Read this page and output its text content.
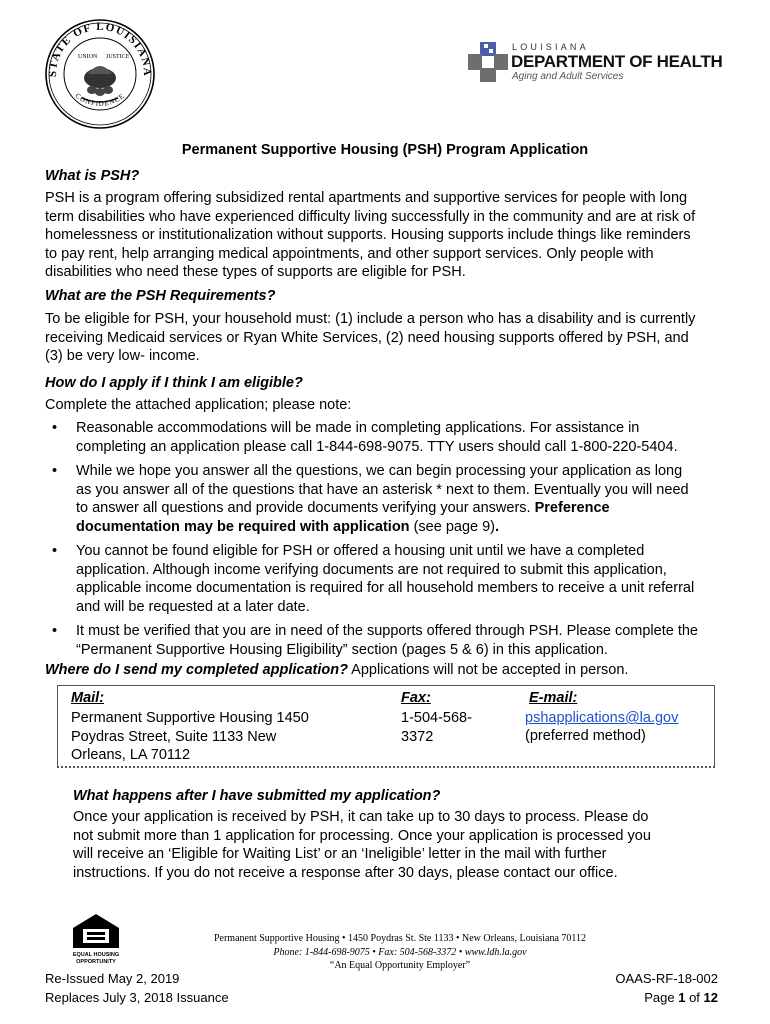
STATE OF LOUISIANA
CONFIDENCE
UNION JUSTICE
LOUISIANA
DEPARTMENT OF HEALTH
Aging and Adult Services
Permanent Supportive Housing (PSH) Program Application
What is PSH?
PSH is a program offering subsidized rental apartments and supportive services for people with long
term disabilities who have experienced difficulty living successfully in the community and are at risk of
homelessness or institutionalization without supports. Housing supports include things like reminders
to pay rent, help arranging medical appointments, and other support services. Only people with
disabilities who need these types of supports are eligible for PSH.
What are the PSH Requirements?
To be eligible for PSH, your household must: (1) include a person who has a disability and is currently
receiving Medicaid services or Ryan White Services, (2) need housing supports offered by PSH, and
(3) be very low- income.
How do I apply if I think I am eligible?
Complete the attached application; please note:
• Reasonable accommodations will be made in completing applications. For assistance in
completing an application please call 1-844-698-9075. TTY users should call 1-800-220-5404.
• While we hope you answer all the questions, we can begin processing your application as long
as you answer all of the questions that have an asterisk * next to them. Eventually you will need
to answer all questions and provide documents verifying your answers. Preference
documentation may be required with application (see page 9).
• You cannot be found eligible for PSH or offered a housing unit until we have a completed
application. Although income verifying documents are not required to submit this application,
applicable income documentation is required for all household members to receive a unit referral
and will be requested at a later date.
• It must be verified that you are in need of the supports offered through PSH. Please complete the
“Permanent Supportive Housing Eligibility” section (pages 5 & 6) in this application.
Where do I send my completed application? Applications will not be accepted in person.
Mail:
Permanent Supportive Housing 1450
Poydras Street, Suite 1133 New
Orleans, LA 70112
Fax:
1-504-568-
3372
E-mail:
pshapplications@la.gov
(preferred method)
What happens after I have submitted my application?
Once your application is received by PSH, it can take up to 30 days to process. Please do
not submit more than 1 application for processing. Once your application is processed you
will receive an ‘Eligible for Waiting List’ or an ‘Ineligible’ letter in the mail with further
instructions. If you do not receive a response after 30 days, please contact our office.
EQUAL HOUSING
OPPORTUNITY
Permanent Supportive Housing • 1450 Poydras St. Ste 1133 • New Orleans, Louisiana 70112
Phone: 1-844-698-9075 • Fax: 504-568-3372 • www.ldh.la.gov
“An Equal Opportunity Employer”
Re-Issued May 2, 2019
Replaces July 3, 2018 Issuance
OAAS-RF-18-002
Page 1 of 12
